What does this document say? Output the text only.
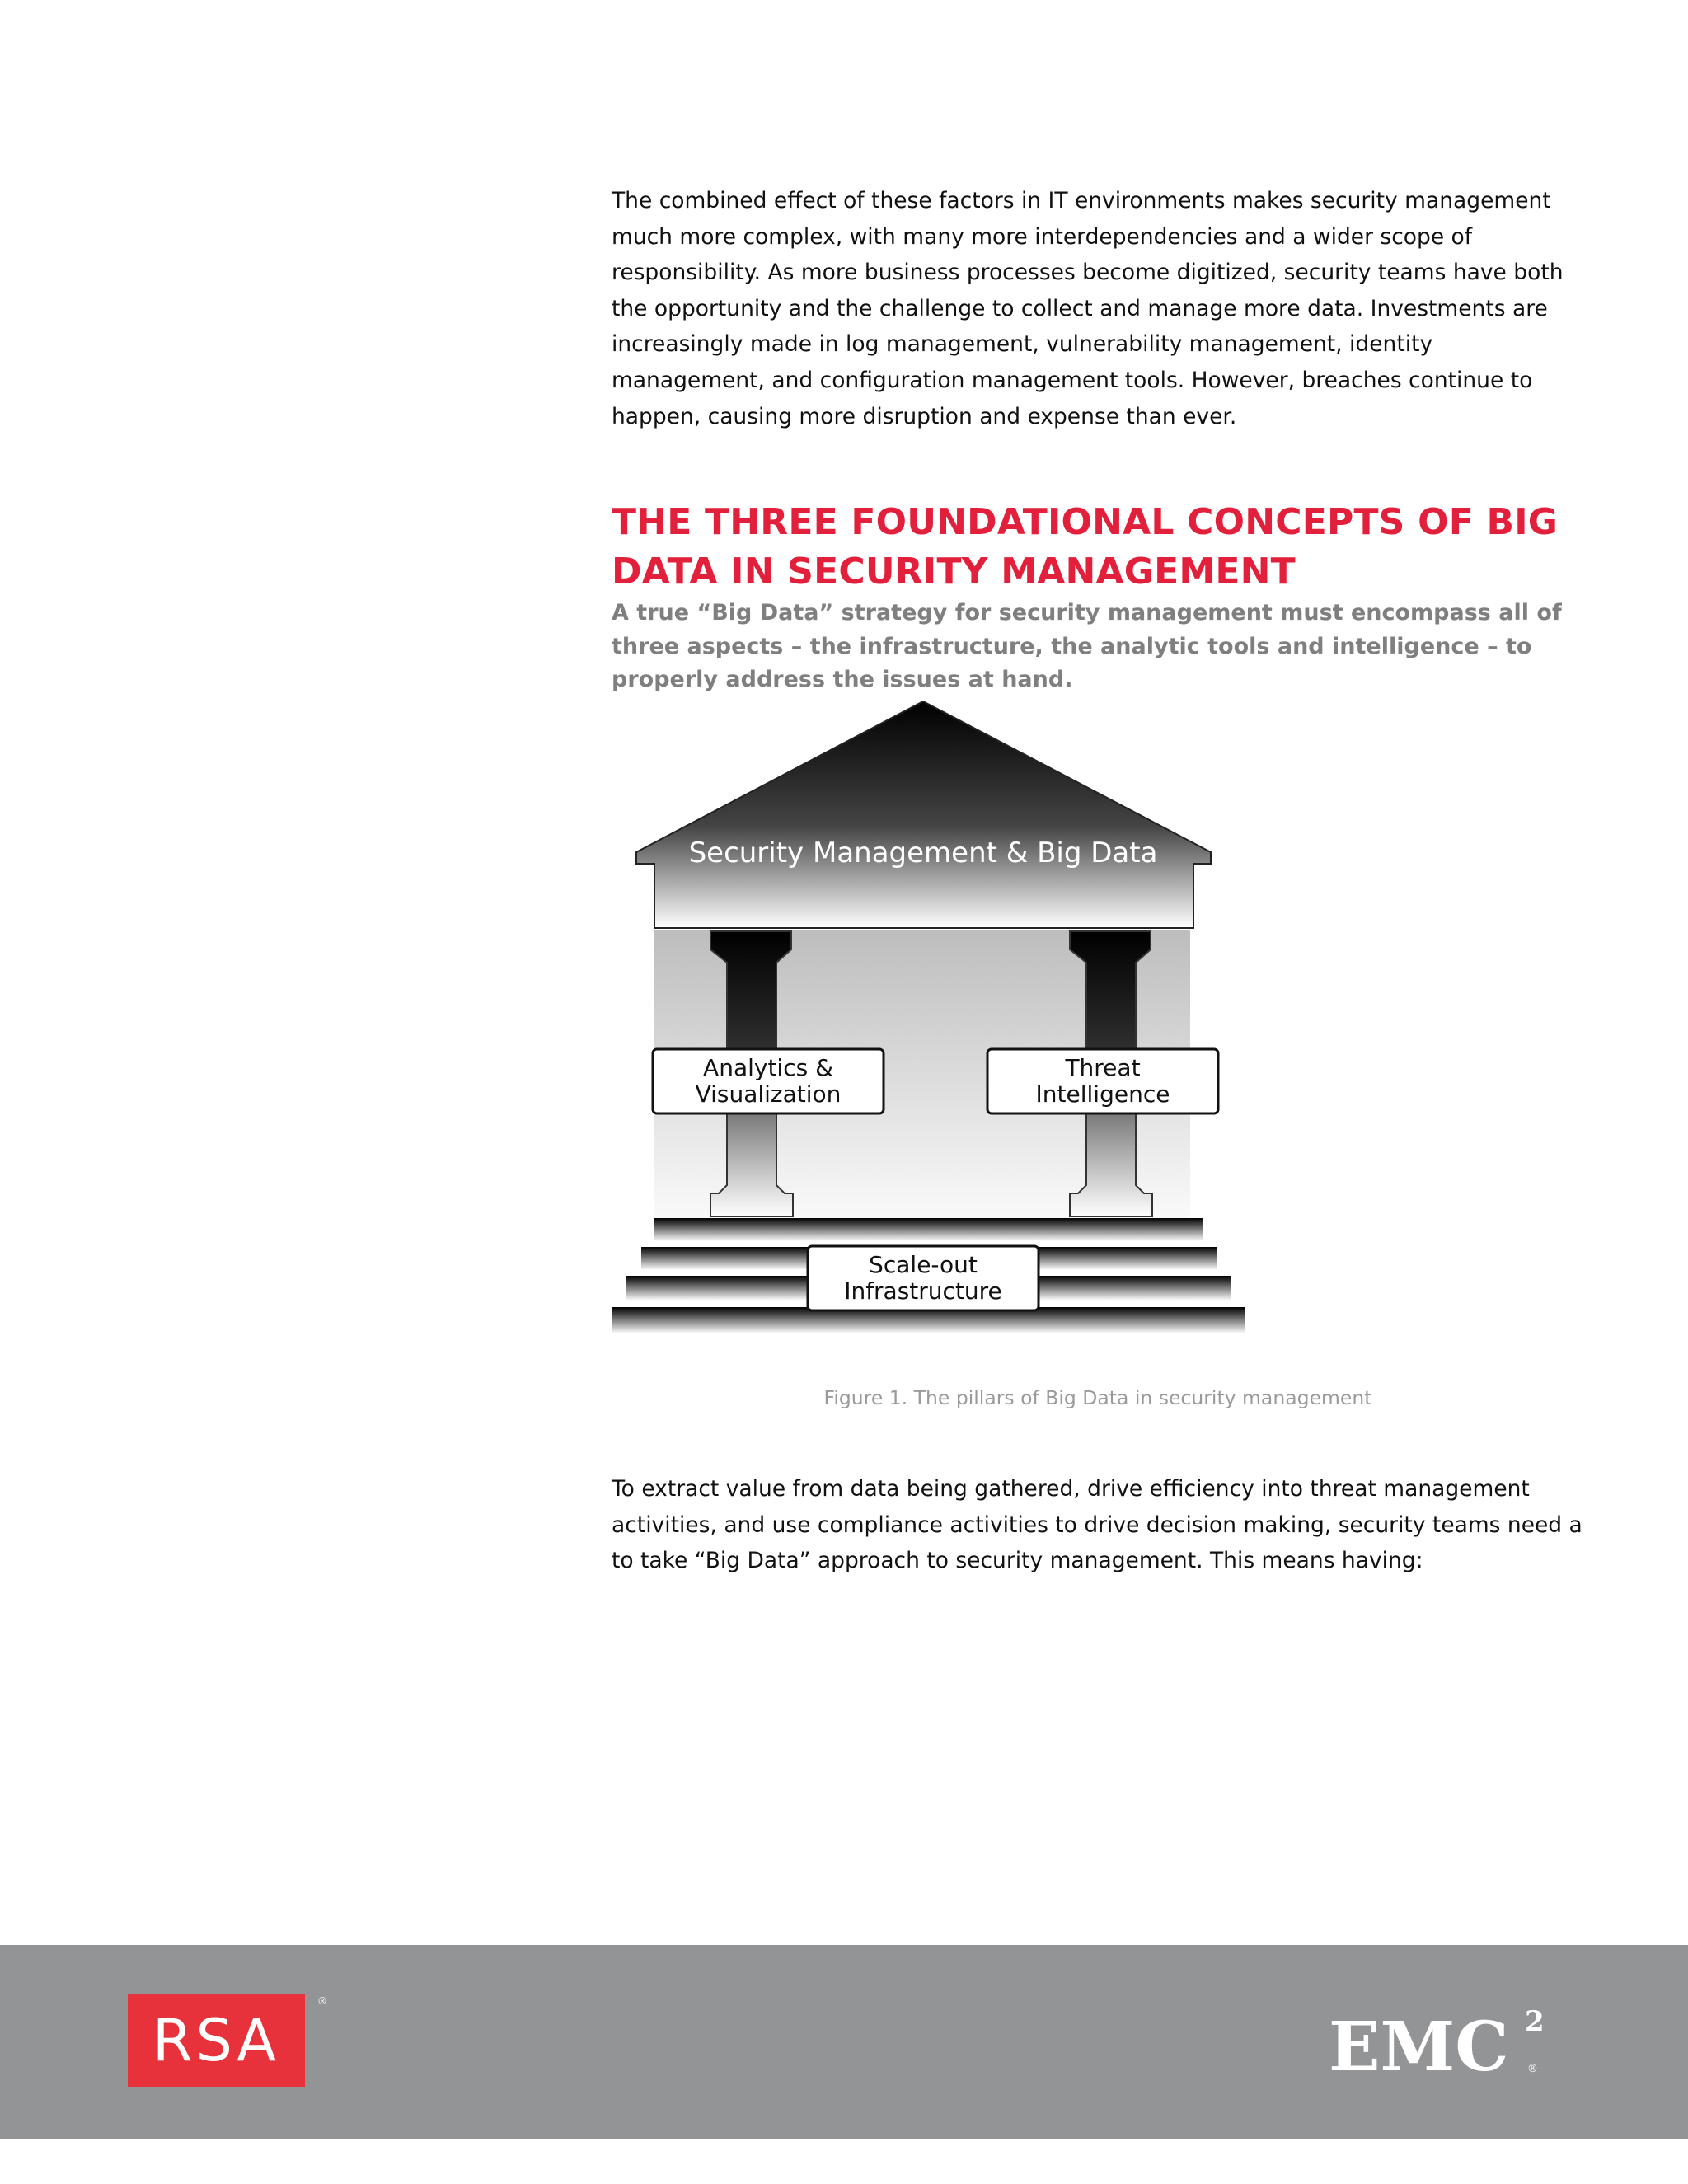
The combined effect of these factors in IT environments makes security management much more complex, with many more interdependencies and a wider scope of responsibility. As more business processes become digitized, security teams have both the opportunity and the challenge to collect and manage more data. Investments are increasingly made in log management, vulnerability management, identity management, and configuration management tools. However, breaches continue to happen, causing more disruption and expense than ever.

THE THREE FOUNDATIONAL CONCEPTS OF BIG DATA IN SECURITY MANAGEMENT

A true “Big Data” strategy for security management must encompass all of three aspects – the infrastructure, the analytic tools and intelligence – to properly address the issues at hand.

Security Management & Big Data
Analytics &
Visualization
Threat
Intelligence
Scale-out
Infrastructure
Figure 1. The pillars of Big Data in security management

To extract value from data being gathered, drive efficiency into threat management activities, and use compliance activities to drive decision making, security teams need a to take “Big Data” approach to security management. This means having:

RSA
®
EMC 2
®
